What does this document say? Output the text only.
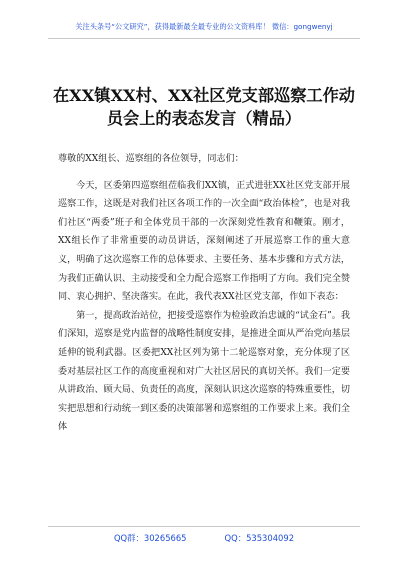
关注头条号“公文研究”，获得最新最全最专业的公文资料库！ 微信：gongwenyj
在XX镇XX村、XX社区党支部巡察工作动
员会上的表态发言（精品）

尊敬的XX组长、巡察组的各位领导，同志们：

今天，区委第四巡察组莅临我们XX镇，正式进驻XX社区党支部开展巡察工作，这既是对我们社区各项工作的一次全面“政治体检”，也是对我们社区“两委”班子和全体党员干部的一次深刻党性教育和鞭策。刚才，XX组长作了非常重要的动员讲话，深刻阐述了开展巡察工作的重大意义，明确了这次巡察工作的总体要求、主要任务、基本步骤和方式方法，为我们正确认识、主动接受和全力配合巡察工作指明了方向。我们完全赞同、衷心拥护、坚决落实。在此，我代表XX社区党支部，作如下表态：

第一，提高政治站位，把接受巡察作为检验政治忠诚的“试金石”。我们深知，巡察是党内监督的战略性制度安排，是推进全面从严治党向基层延伸的锐利武器。区委把XX社区列为第十二轮巡察对象，充分体现了区委对基层社区工作的高度重视和对广大社区居民的真切关怀。我们一定要从讲政治、顾大局、负责任的高度，深刻认识这次巡察的特殊重要性，切实把思想和行动统一到区委的决策部署和巡察组的工作要求上来。我们全体

QQ群：30265665	QQ：535304092
